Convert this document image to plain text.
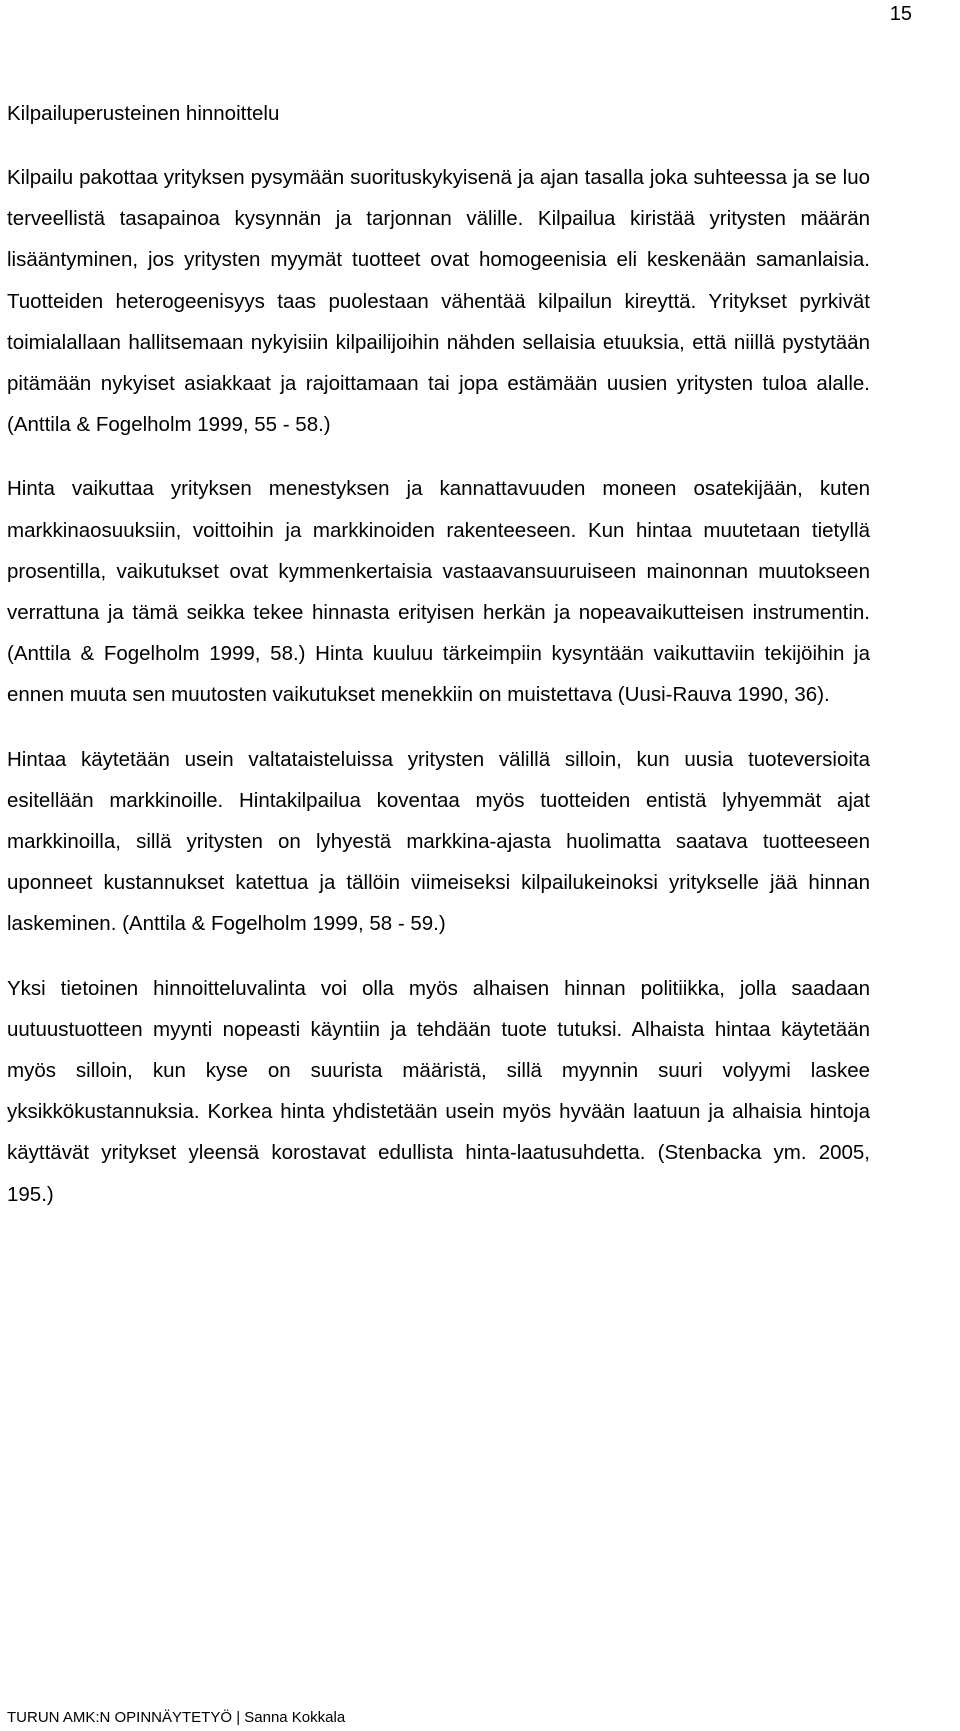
15
Kilpailuperusteinen hinnoittelu

Kilpailu pakottaa yrityksen pysymään suorituskykyisenä ja ajan tasalla joka suhteessa ja se luo terveellistä tasapainoa kysynnän ja tarjonnan välille. Kilpailua kiristää yritysten määrän lisääntyminen, jos yritysten myymät tuotteet ovat homogeenisia eli keskenään samanlaisia. Tuotteiden heterogeenisyys taas puolestaan vähentää kilpailun kireyttä. Yritykset pyrkivät toimialallaan hallitsemaan nykyisiin kilpailijoihin nähden sellaisia etuuksia, että niillä pystytään pitämään nykyiset asiakkaat ja rajoittamaan tai jopa estämään uusien yritysten tuloa alalle. (Anttila & Fogelholm 1999, 55 - 58.)

Hinta vaikuttaa yrityksen menestyksen ja kannattavuuden moneen osatekijään, kuten markkinaosuuksiin, voittoihin ja markkinoiden rakenteeseen. Kun hintaa muutetaan tietyllä prosentilla, vaikutukset ovat kymmenkertaisia vastaavansuuruiseen mainonnan muutokseen verrattuna ja tämä seikka tekee hinnasta erityisen herkän ja nopeavaikutteisen instrumentin. (Anttila & Fogelholm 1999, 58.) Hinta kuuluu tärkeimpiin kysyntään vaikuttaviin tekijöihin ja ennen muuta sen muutosten vaikutukset menekkiin on muistettava (Uusi-Rauva 1990, 36).

Hintaa käytetään usein valtataisteluissa yritysten välillä silloin, kun uusia tuoteversioita esitellään markkinoille. Hintakilpailua koventaa myös tuotteiden entistä lyhyemmät ajat markkinoilla, sillä yritysten on lyhyestä markkina-ajasta huolimatta saatava tuotteeseen uponneet kustannukset katettua ja tällöin viimeiseksi kilpailukeinoksi yritykselle jää hinnan laskeminen. (Anttila & Fogelholm 1999, 58 - 59.)

Yksi tietoinen hinnoitteluvalinta voi olla myös alhaisen hinnan politiikka, jolla saadaan uutuustuotteen myynti nopeasti käyntiin ja tehdään tuote tutuksi. Alhaista hintaa käytetään myös silloin, kun kyse on suurista määristä, sillä myynnin suuri volyymi laskee yksikkökustannuksia. Korkea hinta yhdistetään usein myös hyvään laatuun ja alhaisia hintoja käyttävät yritykset yleensä korostavat edullista hinta-laatusuhdetta. (Stenbacka ym. 2005, 195.)

TURUN AMK:N OPINNÄYTETYÖ | Sanna Kokkala
